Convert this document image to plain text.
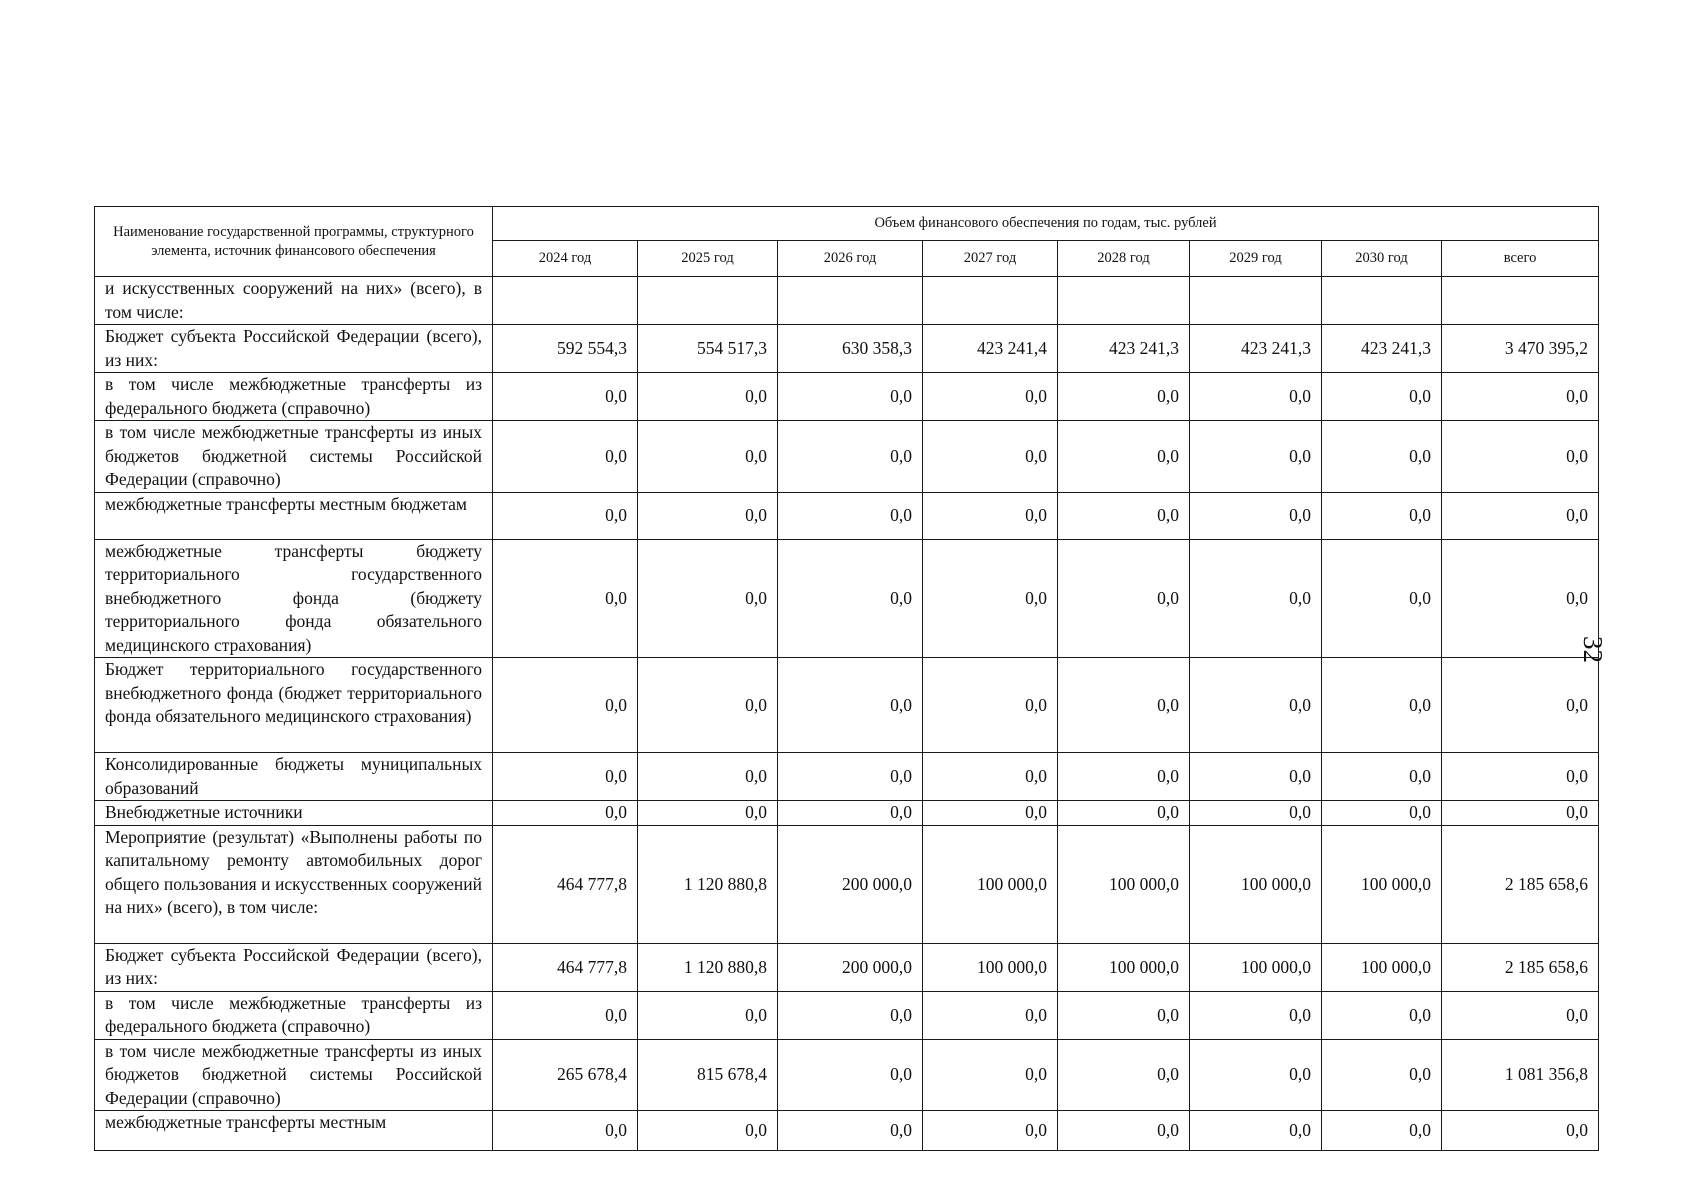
Наименование государственной программы, структурного элемента, источник финансового обеспечения	Объем финансового обеспечения по годам, тыс. рублей							
	2024 год	2025 год	2026 год	2027 год	2028 год	2029 год	2030 год	всего
и искусственных сооружений на них» (всего), в том числе:								
Бюджет субъекта Российской Федерации (всего), из них:	592 554,3	554 517,3	630 358,3	423 241,4	423 241,3	423 241,3	423 241,3	3 470 395,2
в том числе межбюджетные трансферты из федерального бюджета (справочно)	0,0	0,0	0,0	0,0	0,0	0,0	0,0	0,0
в том числе межбюджетные трансферты из иных бюджетов бюджетной системы Российской Федерации (справочно)	0,0	0,0	0,0	0,0	0,0	0,0	0,0	0,0
межбюджетные трансферты местным бюджетам	0,0	0,0	0,0	0,0	0,0	0,0	0,0	0,0
межбюджетные трансферты бюджету территориального государственного внебюджетного фонда (бюджету территориального фонда обязательного медицинского страхования)	0,0	0,0	0,0	0,0	0,0	0,0	0,0	0,0
Бюджет территориального государственного внебюджетного фонда (бюджет территориального фонда обязательного медицинского страхования)	0,0	0,0	0,0	0,0	0,0	0,0	0,0	0,0
Консолидированные бюджеты муниципальных образований	0,0	0,0	0,0	0,0	0,0	0,0	0,0	0,0
Внебюджетные источники	0,0	0,0	0,0	0,0	0,0	0,0	0,0	0,0
Мероприятие (результат) «Выполнены работы по капитальному ремонту автомобильных дорог общего пользования и искусственных сооружений на них» (всего), в том числе:	464 777,8	1 120 880,8	200 000,0	100 000,0	100 000,0	100 000,0	100 000,0	2 185 658,6
Бюджет субъекта Российской Федерации (всего), из них:	464 777,8	1 120 880,8	200 000,0	100 000,0	100 000,0	100 000,0	100 000,0	2 185 658,6
в том числе межбюджетные трансферты из федерального бюджета (справочно)	0,0	0,0	0,0	0,0	0,0	0,0	0,0	0,0
в том числе межбюджетные трансферты из иных бюджетов бюджетной системы Российской Федерации (справочно)	265 678,4	815 678,4	0,0	0,0	0,0	0,0	0,0	1 081 356,8
межбюджетные трансферты местным	0,0	0,0	0,0	0,0	0,0	0,0	0,0	0,0
32
